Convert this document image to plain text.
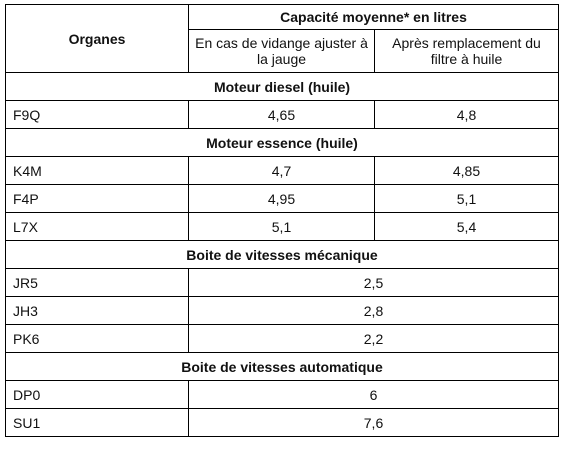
Organes	Capacité moyenne* en litres	
	En cas de vidange ajuster à la jauge	Après remplacement du filtre à huile
Moteur diesel (huile)		
F9Q	4,65	4,8
Moteur essence (huile)		
K4M	4,7	4,85
F4P	4,95	5,1
L7X	5,1	5,4
Boite de vitesses mécanique		
JR5	2,5	
JH3	2,8	
PK6	2,2	
Boite de vitesses automatique		
DP0	6	
SU1	7,6	
